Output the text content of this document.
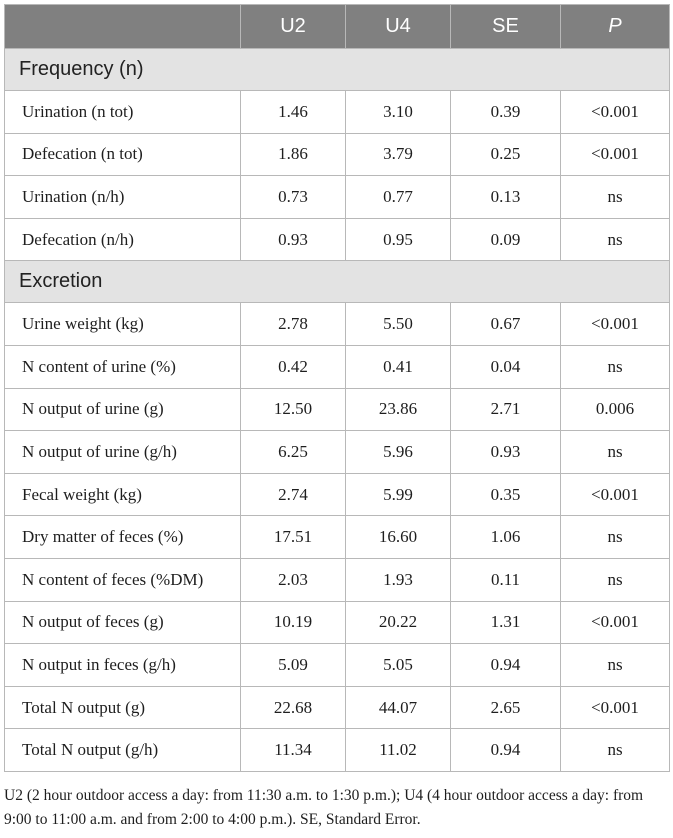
	U2	U4	SE	P
Frequency (n)				
Urination (n tot)	1.46	3.10	0.39	<0.001
Defecation (n tot)	1.86	3.79	0.25	<0.001
Urination (n/h)	0.73	0.77	0.13	ns
Defecation (n/h)	0.93	0.95	0.09	ns
Excretion				
Urine weight (kg)	2.78	5.50	0.67	<0.001
N content of urine (%)	0.42	0.41	0.04	ns
N output of urine (g)	12.50	23.86	2.71	0.006
N output of urine (g/h)	6.25	5.96	0.93	ns
Fecal weight (kg)	2.74	5.99	0.35	<0.001
Dry matter of feces (%)	17.51	16.60	1.06	ns
N content of feces (%DM)	2.03	1.93	0.11	ns
N output of feces (g)	10.19	20.22	1.31	<0.001
N output in feces (g/h)	5.09	5.05	0.94	ns
Total N output (g)	22.68	44.07	2.65	<0.001
Total N output (g/h)	11.34	11.02	0.94	ns
U2 (2 hour outdoor access a day: from 11:30 a.m. to 1:30 p.m.); U4 (4 hour outdoor access a day: from 9:00 to 11:00 a.m. and from 2:00 to 4:00 p.m.). SE, Standard Error.
